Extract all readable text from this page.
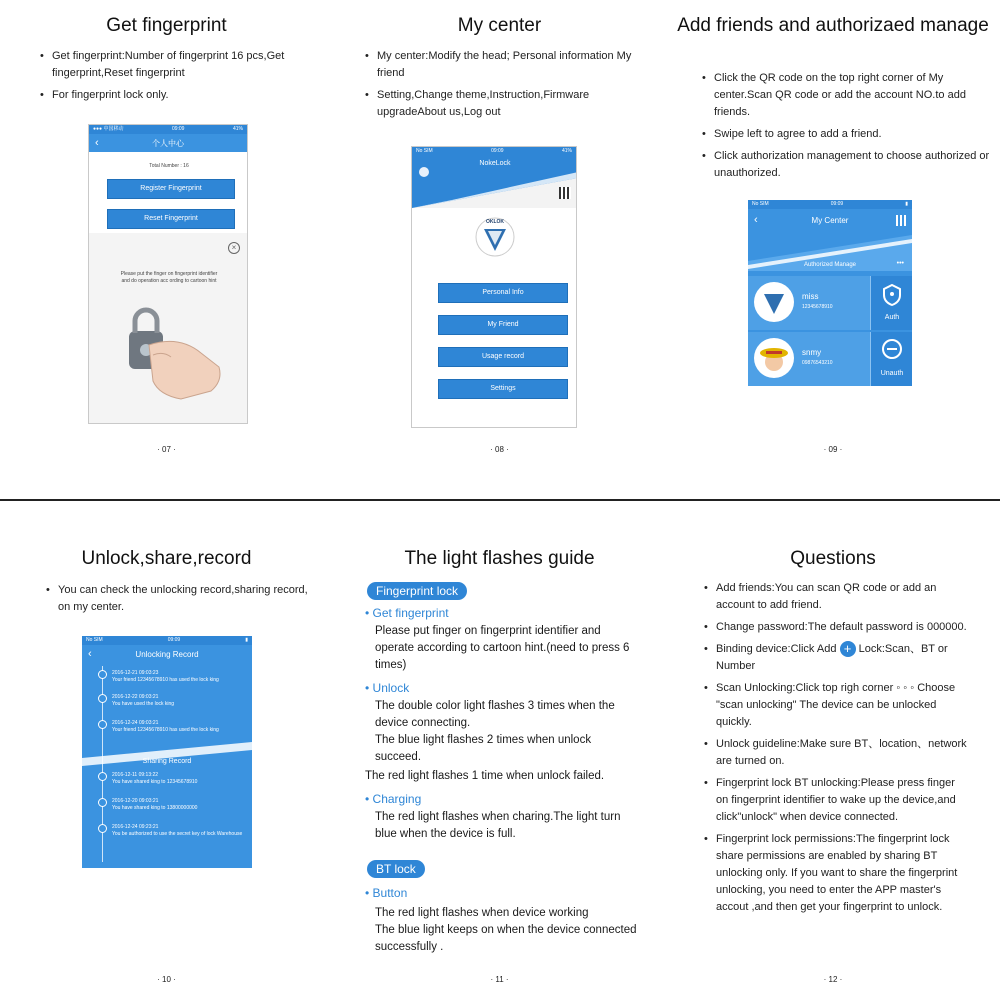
Get fingerprint
• Get fingerprint:Number of fingerprint 16 pcs,Get fingerprint,Reset fingerprint
• For fingerprint lock only.
●●● 中国移动	09:09	41%
‹	个人中心
Total Number : 16
Register Fingerprint
Reset Fingerprint
×
Please put the finger on fingerprint identifier and do operation acc ording to cartoon hint
· 07 ·
My center
• My center:Modify the head; Personal information My friend
• Setting,Change theme,Instruction,Firmware upgradeAbout us,Log out
No SIM	09:09	41%
NokeLock
OKLOK
Personal Info
My Friend
Usage record
Settings
· 08 ·
Add friends and authorizaed manage
• Click the QR code on the top right corner of My center.Scan QR code or add the account NO.to add friends.
• Swipe left to agree to add a friend.
• Click authorization management to choose authorized or unauthorized.
No SIM	09:09	▮
‹	My Center
Authorized Manage	•••
miss
12345678910
Auth
snmy
09876543210
Unauth
· 09 ·
Unlock,share,record
• You can check the unlocking record,sharing record, on my center.
No SIM	09:09	▮
‹	Unlocking Record
2016-12-21 09:03:23
Your friend 12345678910 has used the lock king
2016-12-22 09:03:21
You have used the lock king
2016-12-24 09:03:21
Your friend 12345678910 has used the lock king
Sharing Record
2016-12-11 09:13:22
You have shared king to 12345678910
2016-12-20 09:03:21
You have shared king to 13800000000
2016-12-24 09:23:21
You be authorized to use the secret key of lock Warehouse
· 10 ·
The light flashes guide
Fingerprint lock
• Get fingerprint
Please put finger on fingerprint identifier and operate according to cartoon hint.(need to press 6 times)
• Unlock
The double color light flashes 3 times when the device connecting.
The blue light flashes 2 times when unlock succeed.
The red light flashes 1 time when unlock failed.
• Charging
The red light flashes when charing.The light turn blue when the device is full.
BT lock
• Button
The red light flashes when device working
The blue light keeps on when the device connected successfully .
· 11 ·
Questions
• Add friends:You can scan QR code or add an account to add friend.
• Change password:The default password is 000000.
• Binding device:Click Add + Lock:Scan、BT or Number
• Scan Unlocking:Click top righ corner ◦ ◦ ◦ Choose "scan unlocking" The device can be unlocked quickly.
• Unlock guideline:Make sure BT、location、network are turned on.
• Fingerprint lock BT unlocking:Please press finger on fingerprint identifier to wake up the device,and click"unlock" when device connected.
• Fingerprint lock permissions:The fingerprint lock share permissions are enabled by sharing BT unlocking only. If you want to share the fingerprint unlocking, you need to enter the APP master's accout ,and then get your fingerprint to unlock.
· 12 ·
